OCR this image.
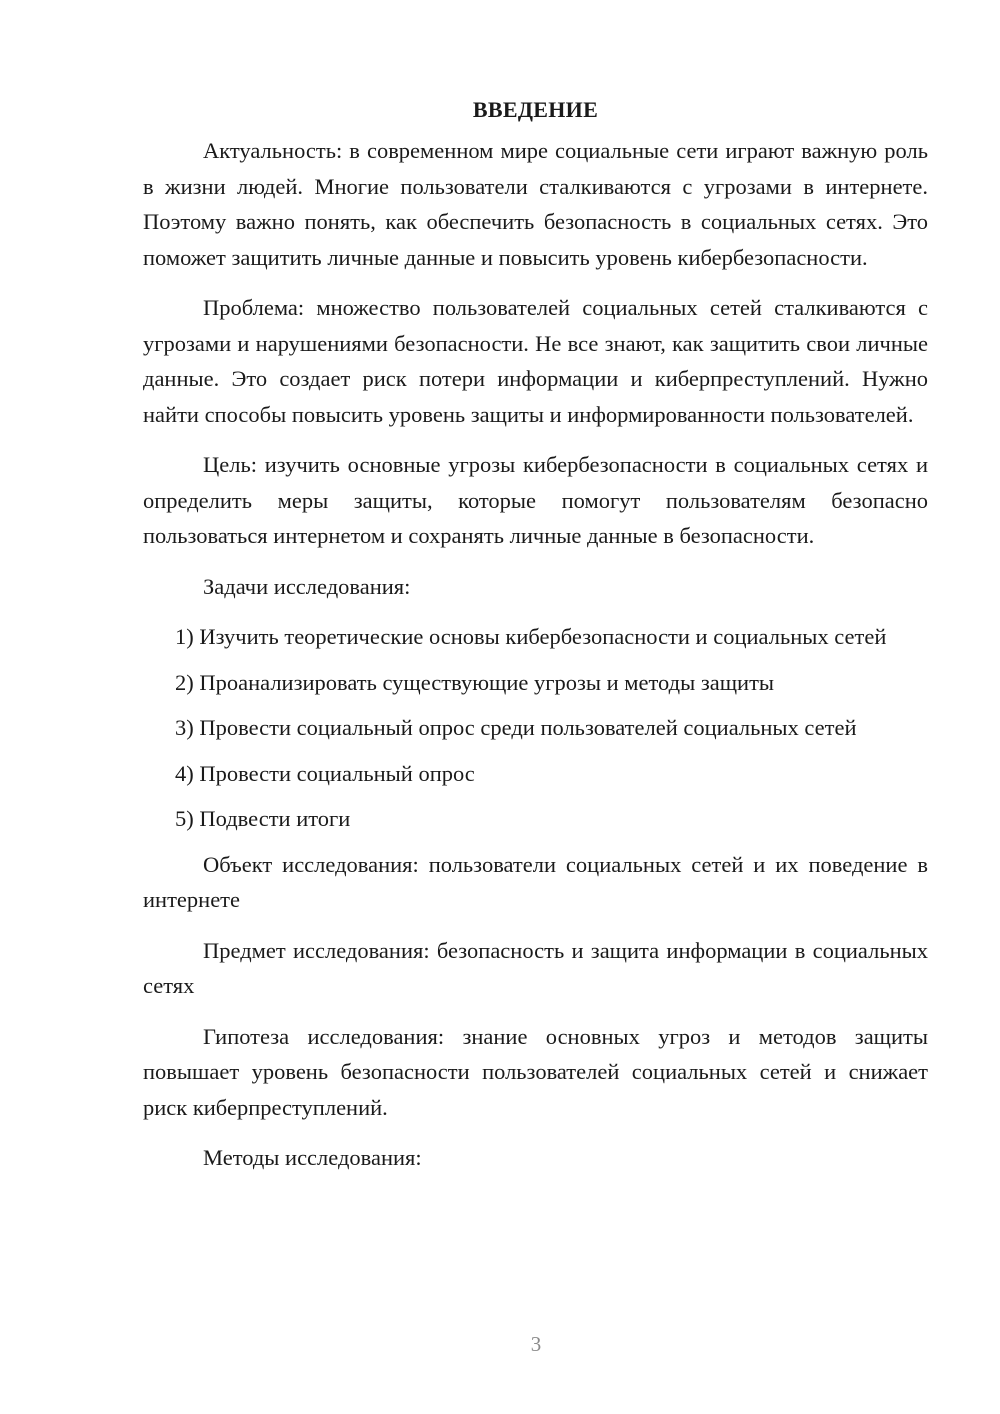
ВВЕДЕНИЕ

Актуальность: в современном мире социальные сети играют важную роль в жизни людей. Многие пользователи сталкиваются с угрозами в интернете. Поэтому важно понять, как обеспечить безопасность в социальных сетях. Это поможет защитить личные данные и повысить уровень кибербезопасности.

Проблема: множество пользователей социальных сетей сталкиваются с угрозами и нарушениями безопасности. Не все знают, как защитить свои личные данные. Это создает риск потери информации и киберпреступлений. Нужно найти способы повысить уровень защиты и информированности пользователей.

Цель: изучить основные угрозы кибербезопасности в социальных сетях и определить меры защиты, которые помогут пользователям безопасно пользоваться интернетом и сохранять личные данные в безопасности.

Задачи исследования:

1) Изучить теоретические основы кибербезопасности и социальных сетей

2) Проанализировать существующие угрозы и методы защиты

3) Провести социальный опрос среди пользователей социальных сетей

4) Провести социальный опрос

5) Подвести итоги

Объект исследования: пользователи социальных сетей и их поведение в интернете

Предмет исследования: безопасность и защита информации в социальных сетях

Гипотеза исследования: знание основных угроз и методов защиты повышает уровень безопасности пользователей социальных сетей и снижает риск киберпреступлений.

Методы исследования:

3
